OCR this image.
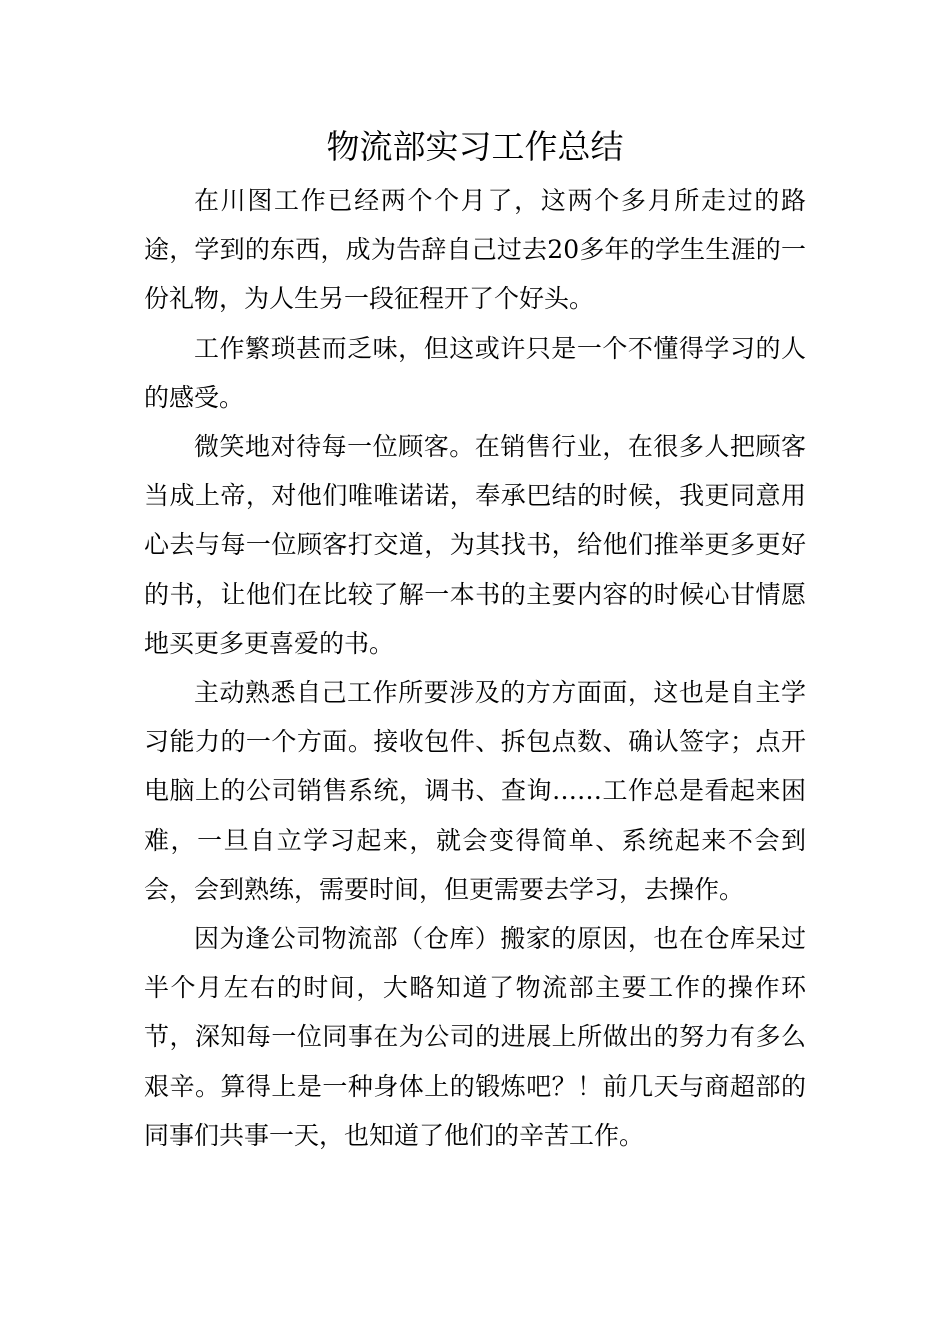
物流部实习工作总结

在川图工作已经两个个月了，这两个多月所走过的路途，学到的东西，成为告辞自己过去20多年的学生生涯的一份礼物，为人生另一段征程开了个好头。

工作繁琐甚而乏味，但这或许只是一个不懂得学习的人的感受。

微笑地对待每一位顾客。在销售行业，在很多人把顾客当成上帝，对他们唯唯诺诺，奉承巴结的时候，我更同意用心去与每一位顾客打交道，为其找书，给他们推举更多更好的书，让他们在比较了解一本书的主要内容的时候心甘情愿地买更多更喜爱的书。

主动熟悉自己工作所要涉及的方方面面，这也是自主学习能力的一个方面。接收包件、拆包点数、确认签字；点开电脑上的公司销售系统，调书、查询……工作总是看起来困难，一旦自立学习起来，就会变得简单、系统起来不会到会，会到熟练，需要时间，但更需要去学习，去操作。

因为逢公司物流部（仓库）搬家的原因，也在仓库呆过半个月左右的时间，大略知道了物流部主要工作的操作环节，深知每一位同事在为公司的进展上所做出的努力有多么艰辛。算得上是一种身体上的锻炼吧？！前几天与商超部的同事们共事一天，也知道了他们的辛苦工作。
